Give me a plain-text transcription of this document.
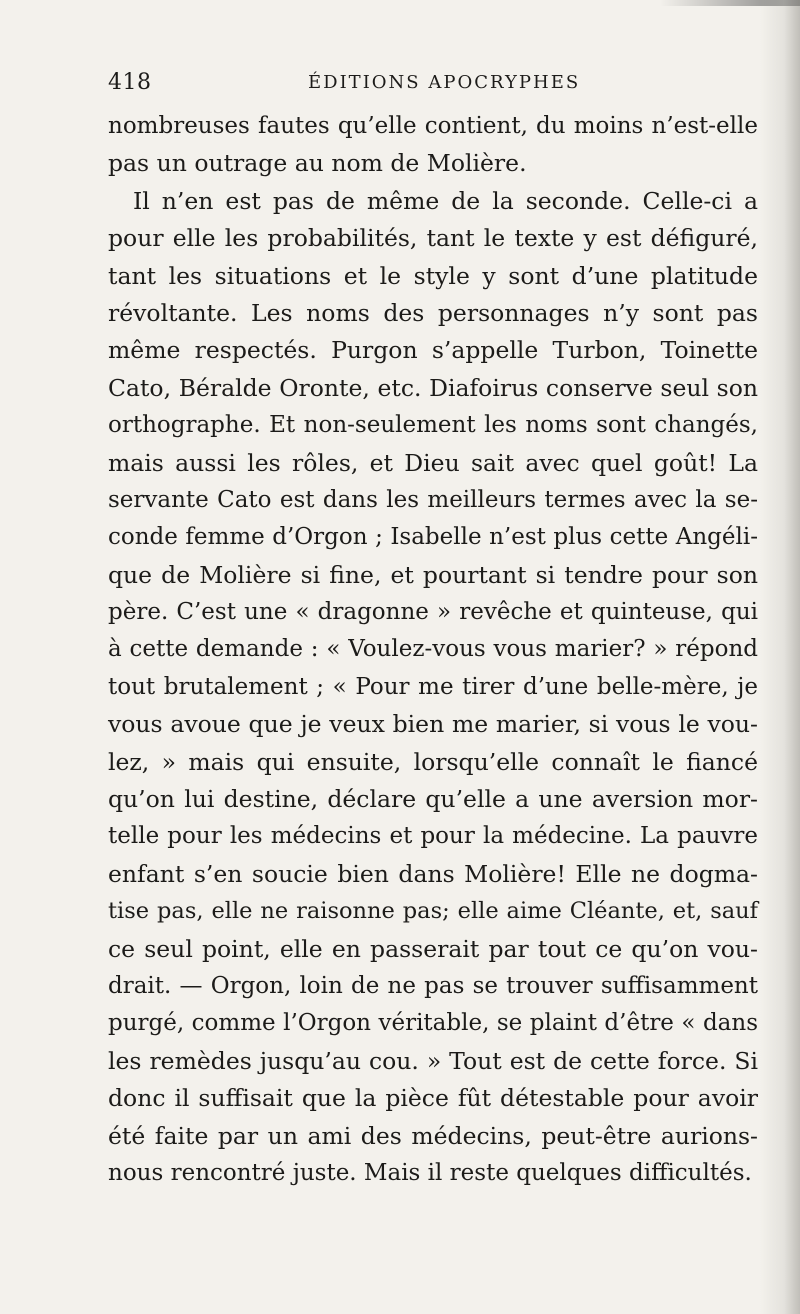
418	ÉDITIONS APOCRYPHES
nombreuses fautes qu’elle contient, du moins n’est-elle
pas un outrage au nom de Molière.
Il n’en est pas de même de la seconde. Celle-ci a
pour elle les probabilités, tant le texte y est défiguré,
tant les situations et le style y sont d’une platitude
révoltante. Les noms des personnages n’y sont pas
même respectés. Purgon s’appelle Turbon, Toinette
Cato, Béralde Oronte, etc. Diafoirus conserve seul son
orthographe. Et non-seulement les noms sont changés,
mais aussi les rôles, et Dieu sait avec quel goût! La
servante Cato est dans les meilleurs termes avec la se-
conde femme d’Orgon ; Isabelle n’est plus cette Angéli-
que de Molière si fine, et pourtant si tendre pour son
père. C’est une « dragonne » revêche et quinteuse, qui
à cette demande : « Voulez-vous vous marier? » répond
tout brutalement ; « Pour me tirer d’une belle-mère, je
vous avoue que je veux bien me marier, si vous le vou-
lez, » mais qui ensuite, lorsqu’elle connaît le fiancé
qu’on lui destine, déclare qu’elle a une aversion mor-
telle pour les médecins et pour la médecine. La pauvre
enfant s’en soucie bien dans Molière! Elle ne dogma-
tise pas, elle ne raisonne pas; elle aime Cléante, et, sauf
ce seul point, elle en passerait par tout ce qu’on vou-
drait. — Orgon, loin de ne pas se trouver suffisamment
purgé, comme l’Orgon véritable, se plaint d’être « dans
les remèdes jusqu’au cou. » Tout est de cette force. Si
donc il suffisait que la pièce fût détestable pour avoir
été faite par un ami des médecins, peut-être aurions-
nous rencontré juste. Mais il reste quelques difficultés.
